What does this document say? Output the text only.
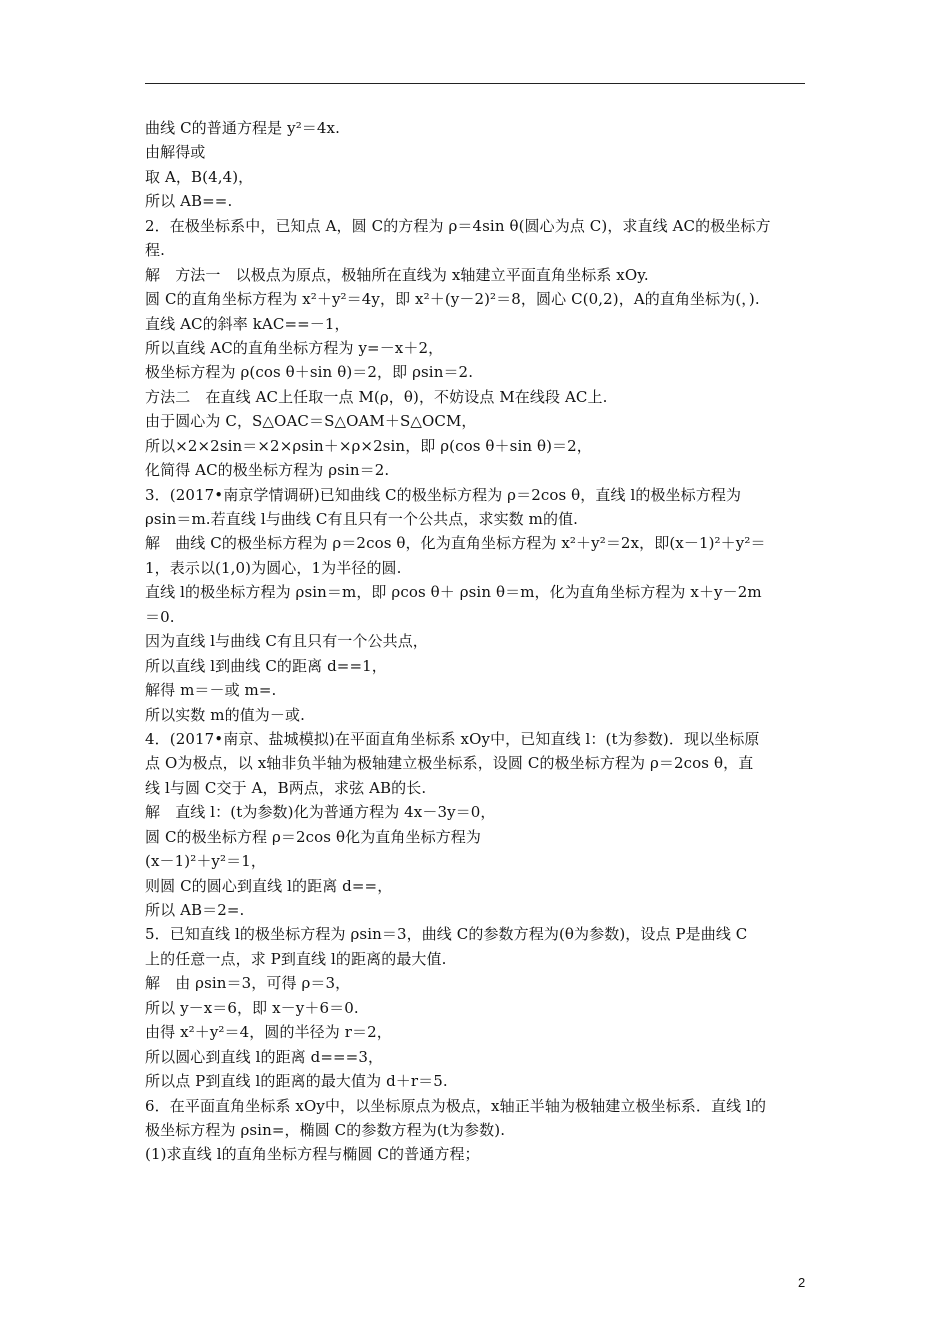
曲线 C的普通方程是 y²＝4x.
由解得或
取 A，B(4,4)，
所以 AB==.
2．在极坐标系中，已知点 A，圆 C的方程为 ρ＝4sin θ(圆心为点 C)，求直线 AC的极坐标方
程.
解　方法一　以极点为原点，极轴所在直线为 x轴建立平面直角坐标系 xOy.
圆 C的直角坐标方程为 x²＋y²＝4y，即 x²＋(y－2)²＝8，圆心 C(0,2)，A的直角坐标为(，).
直线 AC的斜率 kAC==－1，
所以直线 AC的直角坐标方程为 y=－x＋2，
极坐标方程为 ρ(cos θ＋sin θ)＝2，即 ρsin＝2.
方法二　在直线 AC上任取一点 M(ρ，θ)，不妨设点 M在线段 AC上.
由于圆心为 C，S△OAC＝S△OAM＋S△OCM，
所以×2×2sin＝×2×ρsin＋×ρ×2sin，即 ρ(cos θ＋sin θ)＝2，
化简得 AC的极坐标方程为 ρsin＝2.
3．(2017•南京学情调研)已知曲线 C的极坐标方程为 ρ＝2cos θ，直线 l的极坐标方程为
ρsin＝m.若直线 l与曲线 C有且只有一个公共点，求实数 m的值.
解　曲线 C的极坐标方程为 ρ＝2cos θ，化为直角坐标方程为 x²＋y²＝2x，即(x－1)²＋y²＝
1，表示以(1,0)为圆心，1为半径的圆.
直线 l的极坐标方程为 ρsin＝m，即 ρcos θ＋ ρsin θ＝m，化为直角坐标方程为 x＋y－2m
＝0.
因为直线 l与曲线 C有且只有一个公共点，
所以直线 l到曲线 C的距离 d==1，
解得 m＝－或 m=.
所以实数 m的值为－或.
4．(2017•南京、盐城模拟)在平面直角坐标系 xOy中，已知直线 l：(t为参数)．现以坐标原
点 O为极点，以 x轴非负半轴为极轴建立极坐标系，设圆 C的极坐标方程为 ρ＝2cos θ，直
线 l与圆 C交于 A，B两点，求弦 AB的长.
解　直线 l：(t为参数)化为普通方程为 4x－3y＝0，
圆 C的极坐标方程 ρ＝2cos θ化为直角坐标方程为
(x－1)²＋y²＝1，
则圆 C的圆心到直线 l的距离 d==，
所以 AB＝2=.
5．已知直线 l的极坐标方程为 ρsin＝3，曲线 C的参数方程为(θ为参数)，设点 P是曲线 C
上的任意一点，求 P到直线 l的距离的最大值.
解　由 ρsin＝3，可得 ρ＝3，
所以 y－x＝6，即 x－y＋6＝0.
由得 x²＋y²＝4，圆的半径为 r＝2，
所以圆心到直线 l的距离 d===3，
所以点 P到直线 l的距离的最大值为 d＋r＝5.
6．在平面直角坐标系 xOy中，以坐标原点为极点，x轴正半轴为极轴建立极坐标系．直线 l的
极坐标方程为 ρsin=，椭圆 C的参数方程为(t为参数).
(1)求直线 l的直角坐标方程与椭圆 C的普通方程；
2
